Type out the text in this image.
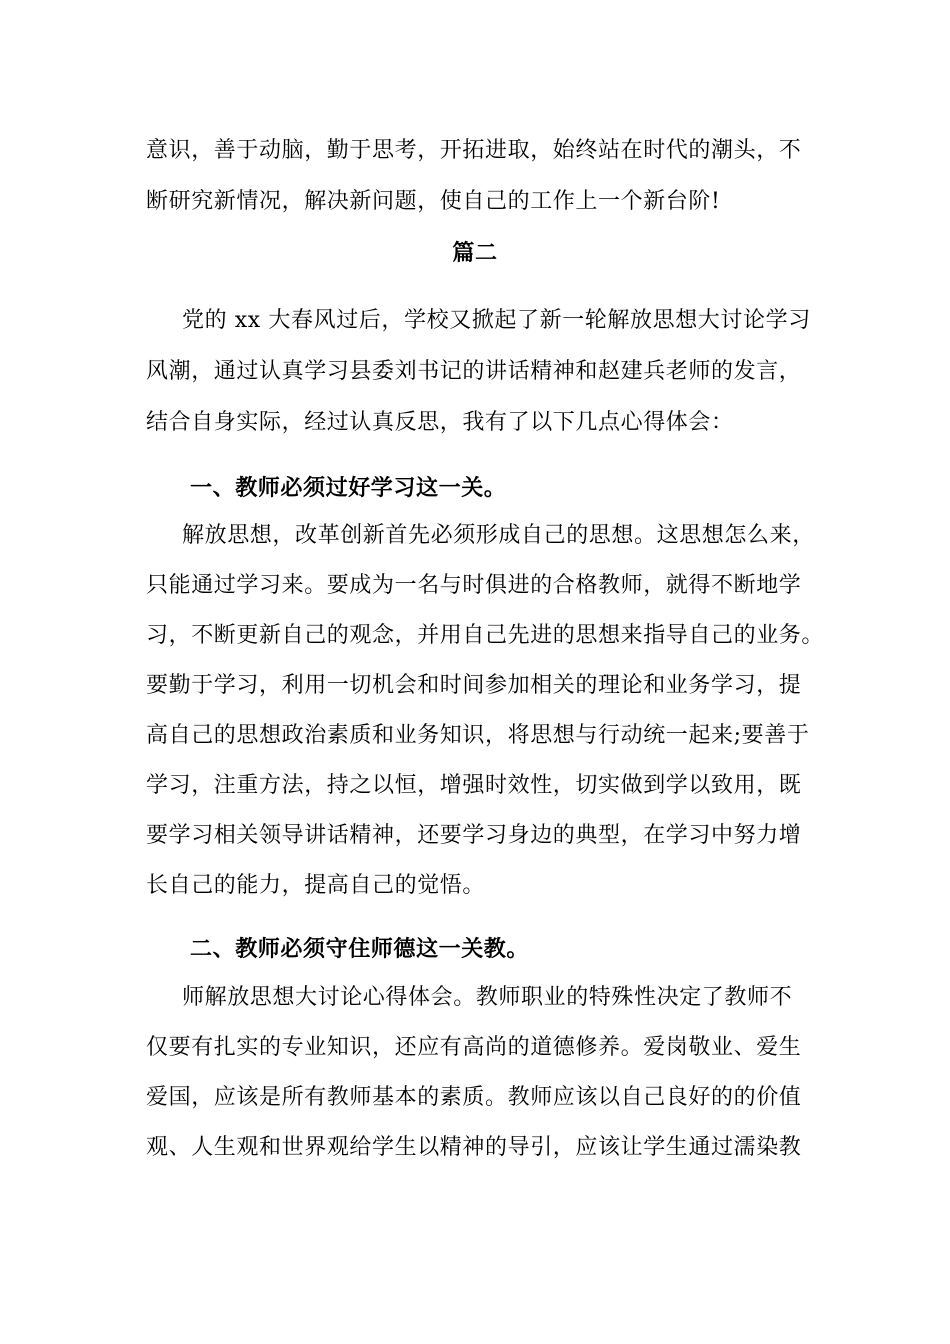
意识，善于动脑，勤于思考，开拓进取，始终站在时代的潮头，不
断研究新情况，解决新问题，使自己的工作上一个新台阶!
篇二
党的 xx 大春风过后，学校又掀起了新一轮解放思想大讨论学习
风潮，通过认真学习县委刘书记的讲话精神和赵建兵老师的发言，
结合自身实际，经过认真反思，我有了以下几点心得体会：
一、教师必须过好学习这一关。
解放思想，改革创新首先必须形成自己的思想。这思想怎么来，
只能通过学习来。要成为一名与时俱进的合格教师，就得不断地学
习，不断更新自己的观念，并用自己先进的思想来指导自己的业务。
要勤于学习，利用一切机会和时间参加相关的理论和业务学习，提
高自己的思想政治素质和业务知识，将思想与行动统一起来;要善于
学习，注重方法，持之以恒，增强时效性，切实做到学以致用，既
要学习相关领导讲话精神，还要学习身边的典型，在学习中努力增
长自己的能力，提高自己的觉悟。
二、教师必须守住师德这一关教。
师解放思想大讨论心得体会。教师职业的特殊性决定了教师不
仅要有扎实的专业知识，还应有高尚的道德修养。爱岗敬业、爱生
爱国，应该是所有教师基本的素质。教师应该以自己良好的的价值
观、人生观和世界观给学生以精神的导引，应该让学生通过濡染教
